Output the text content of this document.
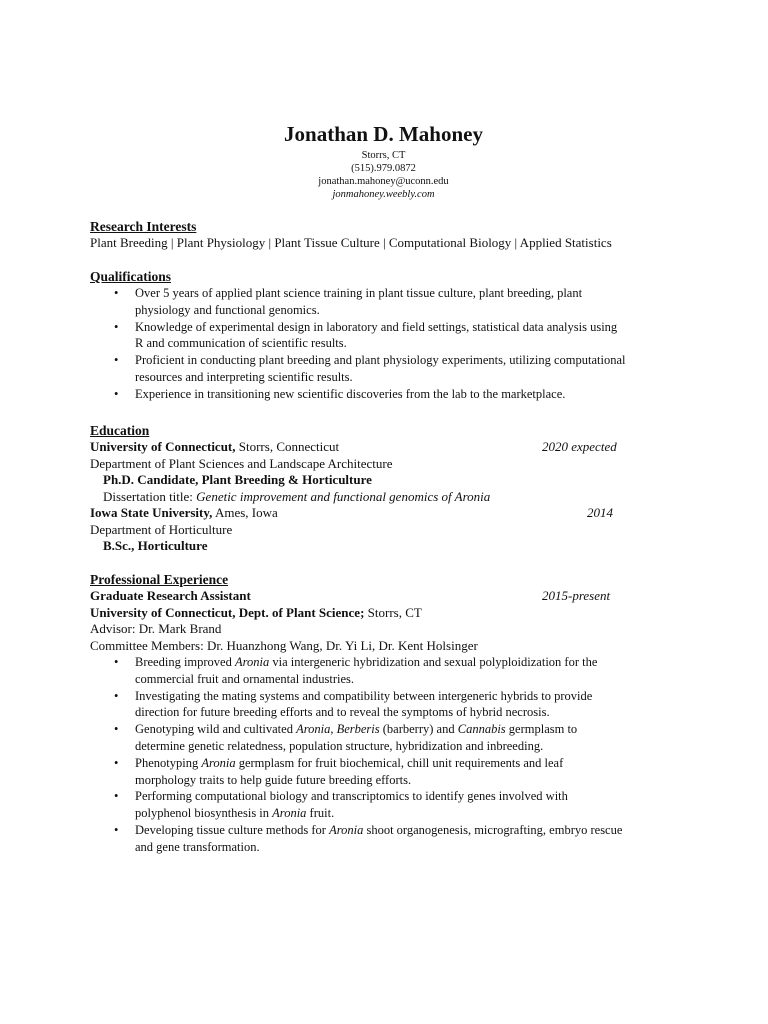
Jonathan D. Mahoney
Storrs, CT
(515).979.0872
jonathan.mahoney@uconn.edu
jonmahoney.weebly.com
Research Interests
Plant Breeding | Plant Physiology | Plant Tissue Culture | Computational Biology | Applied Statistics
Qualifications
• Over 5 years of applied plant science training in plant tissue culture, plant breeding, plant
physiology and functional genomics.
• Knowledge of experimental design in laboratory and field settings, statistical data analysis using
R and communication of scientific results.
• Proficient in conducting plant breeding and plant physiology experiments, utilizing computational
resources and interpreting scientific results.
• Experience in transitioning new scientific discoveries from the lab to the marketplace.
Education
University of Connecticut, Storrs, Connecticut	2020 expected
Department of Plant Sciences and Landscape Architecture
Ph.D. Candidate, Plant Breeding & Horticulture
Dissertation title: Genetic improvement and functional genomics of Aronia
Iowa State University, Ames, Iowa	2014
Department of Horticulture
B.Sc., Horticulture
Professional Experience
Graduate Research Assistant	2015-present
University of Connecticut, Dept. of Plant Science; Storrs, CT
Advisor: Dr. Mark Brand
Committee Members: Dr. Huanzhong Wang, Dr. Yi Li, Dr. Kent Holsinger
• Breeding improved Aronia via intergeneric hybridization and sexual polyploidization for the
commercial fruit and ornamental industries.
• Investigating the mating systems and compatibility between intergeneric hybrids to provide
direction for future breeding efforts and to reveal the symptoms of hybrid necrosis.
• Genotyping wild and cultivated Aronia, Berberis (barberry) and Cannabis germplasm to
determine genetic relatedness, population structure, hybridization and inbreeding.
• Phenotyping Aronia germplasm for fruit biochemical, chill unit requirements and leaf
morphology traits to help guide future breeding efforts.
• Performing computational biology and transcriptomics to identify genes involved with
polyphenol biosynthesis in Aronia fruit.
• Developing tissue culture methods for Aronia shoot organogenesis, micrografting, embryo rescue
and gene transformation.
